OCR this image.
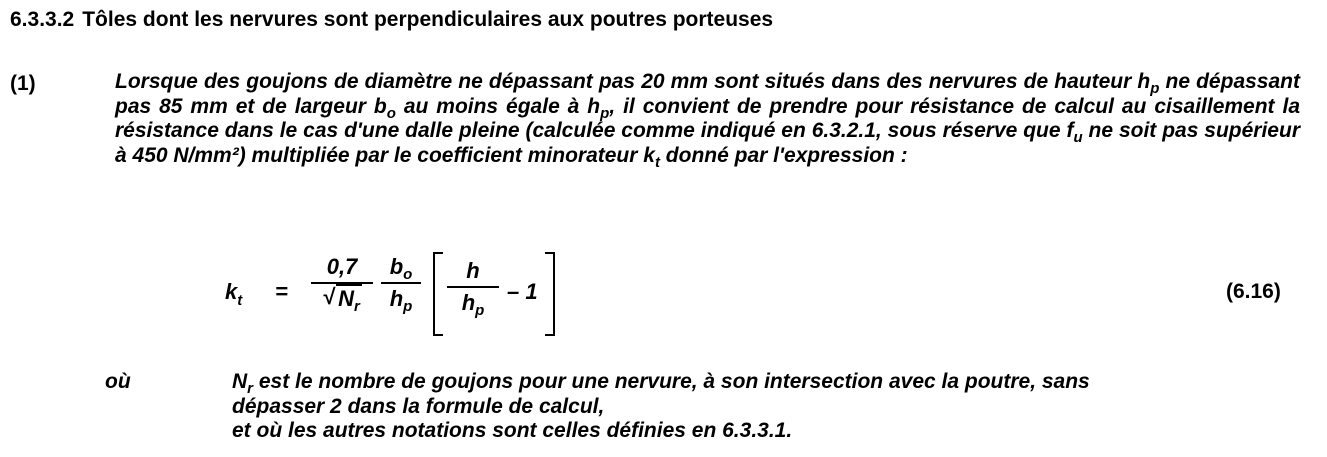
6.3.3.2 Tôles dont les nervures sont perpendiculaires aux poutres porteuses
(1)	Lorsque des goujons de diamètre ne dépassant pas 20 mm sont situés dans des nervures de hauteur $h_p$ ne dépassant pas 85 mm et de largeur $b_o$ au moins égale à $h_p$, il convient de prendre pour résistance de calcul au cisaillement la résistance dans le cas d'une dalle pleine (calculée comme indiqué en 6.3.2.1, sous réserve que $f_u$ ne soit pas supérieur à 450 N/mm²) multipliée par le coefficient minorateur $k_t$ donné par l'expression :
$k_t = \frac{0,7}{√ N_r} \frac{b_o}{h_p} \frac{h}{h_p} - 1$	(6.16)
où	$N_r$ est le nombre de goujons pour une nervure, à son intersection avec la poutre, sans
dépasser 2 dans la formule de calcul,
et où les autres notations sont celles définies en 6.3.3.1.
